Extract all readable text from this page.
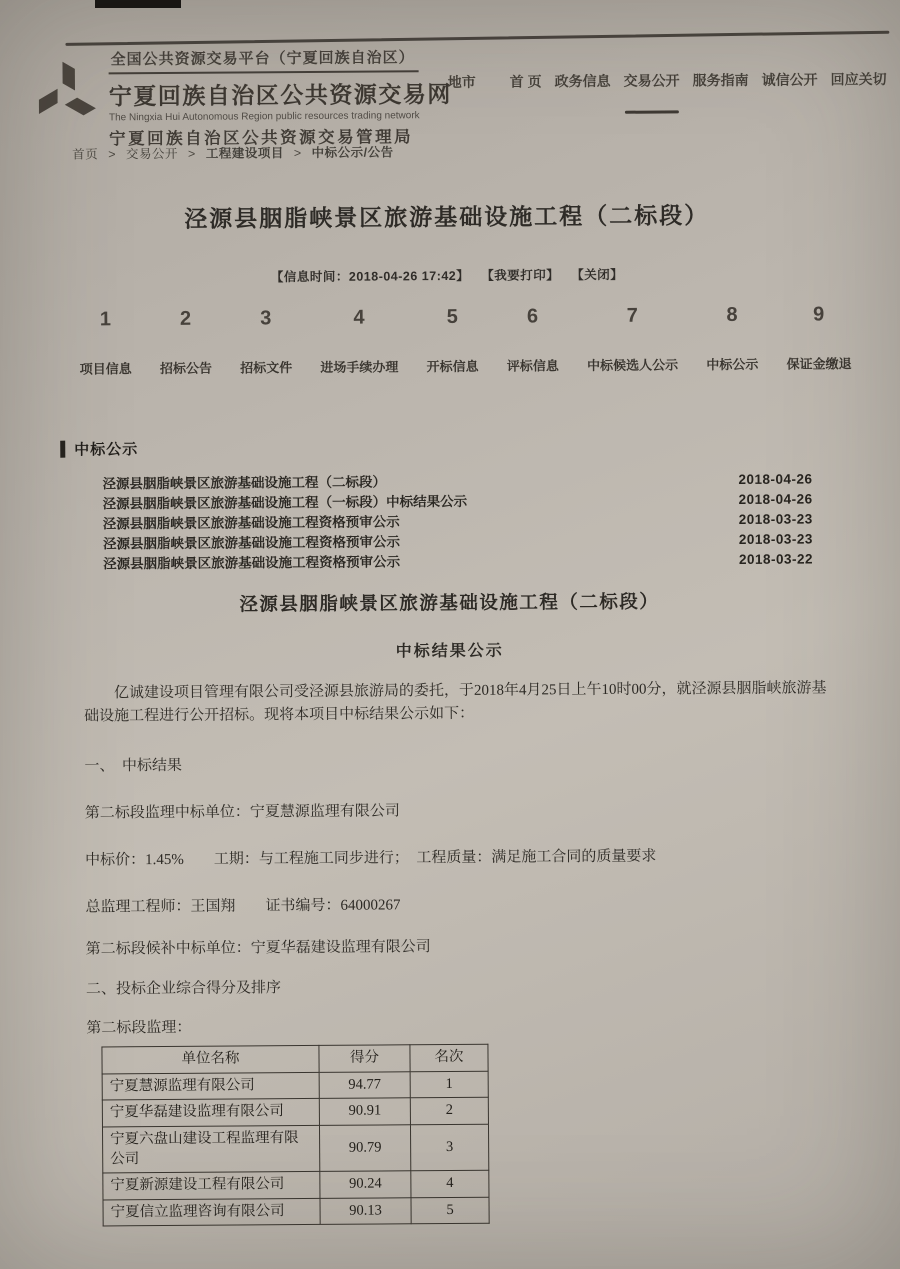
全国公共资源交易平台（宁夏回族自治区）
宁夏回族自治区公共资源交易网
The Ningxia Hui Autonomous Region public resources trading network
宁夏回族自治区公共资源交易管理局
地市 首 页 政务信息 交易公开 服务指南 诚信公开 回应关切
首页 > 交易公开 > 工程建设项目 > 中标公示/公告
泾源县胭脂峡景区旅游基础设施工程（二标段）
【信息时间：2018-04-26 17:42】 【我要打印】 【关闭】
1
项目信息
2
招标公告
3
招标文件
4
进场手续办理
5
开标信息
6
评标信息
7
中标候选人公示
8
中标公示
9
保证金缴退
中标公示
泾源县胭脂峡景区旅游基础设施工程（二标段）	2018-04-26
泾源县胭脂峡景区旅游基础设施工程（一标段）中标结果公示	2018-04-26
泾源县胭脂峡景区旅游基础设施工程资格预审公示	2018-03-23
泾源县胭脂峡景区旅游基础设施工程资格预审公示	2018-03-23
泾源县胭脂峡景区旅游基础设施工程资格预审公示	2018-03-22
泾源县胭脂峡景区旅游基础设施工程（二标段）
中标结果公示

亿诚建设项目管理有限公司受泾源县旅游局的委托，于2018年4月25日上午10时00分，就泾源县胭脂峡旅游基础设施工程进行公开招标。现将本项目中标结果公示如下：

一、　中标结果

第二标段监理中标单位：宁夏慧源监理有限公司

中标价：1.45%　　工期：与工程施工同步进行；　工程质量：满足施工合同的质量要求

总监理工程师：王国翔　　证书编号：64000267

第二标段候补中标单位：宁夏华磊建设监理有限公司

二、投标企业综合得分及排序

第二标段监理：

单位名称	得分	名次
宁夏慧源监理有限公司	94.77	1
宁夏华磊建设监理有限公司	90.91	2
宁夏六盘山建设工程监理有限公司	90.79	3
宁夏新源建设工程有限公司	90.24	4
宁夏信立监理咨询有限公司	90.13	5
